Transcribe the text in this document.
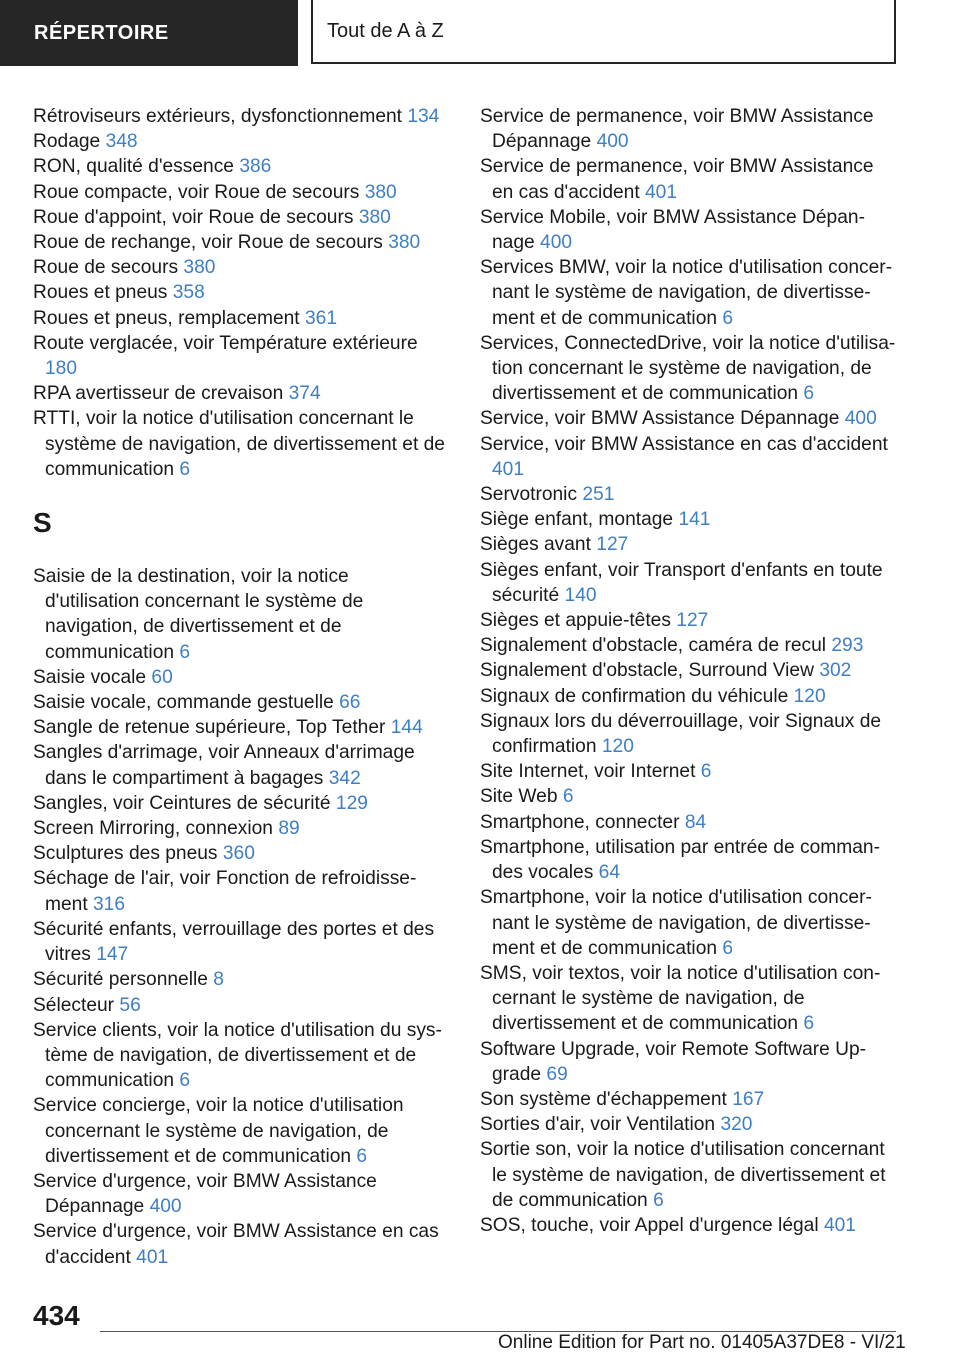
RÉPERTOIRE	Tout de A à Z
Rétroviseurs extérieurs, dysfonctionnement 134
Rodage 348
RON, qualité d'essence 386
Roue compacte, voir Roue de secours 380
Roue d'appoint, voir Roue de secours 380
Roue de rechange, voir Roue de secours 380
Roue de secours 380
Roues et pneus 358
Roues et pneus, remplacement 361
Route verglacée, voir Température extérieure 180
RPA avertisseur de crevaison 374
RTTI, voir la notice d'utilisation concernant le système de navigation, de divertissement et de communication 6
S
Saisie de la destination, voir la notice d'utilisation concernant le système de navigation, de divertissement et de communication 6
Saisie vocale 60
Saisie vocale, commande gestuelle 66
Sangle de retenue supérieure, Top Tether 144
Sangles d'arrimage, voir Anneaux d'arrimage dans le compartiment à bagages 342
Sangles, voir Ceintures de sécurité 129
Screen Mirroring, connexion 89
Sculptures des pneus 360
Séchage de l'air, voir Fonction de refroidissement 316
Sécurité enfants, verrouillage des portes et des vitres 147
Sécurité personnelle 8
Sélecteur 56
Service clients, voir la notice d'utilisation du système de navigation, de divertissement et de communication 6
Service concierge, voir la notice d'utilisation concernant le système de navigation, de divertissement et de communication 6
Service d'urgence, voir BMW Assistance Dépannage 400
Service d'urgence, voir BMW Assistance en cas d'accident 401
Service de permanence, voir BMW Assistance Dépannage 400
Service de permanence, voir BMW Assistance en cas d'accident 401
Service Mobile, voir BMW Assistance Dépannage 400
Services BMW, voir la notice d'utilisation concernant le système de navigation, de divertissement et de communication 6
Services, ConnectedDrive, voir la notice d'utilisation concernant le système de navigation, de divertissement et de communication 6
Service, voir BMW Assistance Dépannage 400
Service, voir BMW Assistance en cas d'accident 401
Servotronic 251
Siège enfant, montage 141
Sièges avant 127
Sièges enfant, voir Transport d'enfants en toute sécurité 140
Sièges et appuie-têtes 127
Signalement d'obstacle, caméra de recul 293
Signalement d'obstacle, Surround View 302
Signaux de confirmation du véhicule 120
Signaux lors du déverrouillage, voir Signaux de confirmation 120
Site Internet, voir Internet 6
Site Web 6
Smartphone, connecter 84
Smartphone, utilisation par entrée de commandes vocales 64
Smartphone, voir la notice d'utilisation concernant le système de navigation, de divertissement et de communication 6
SMS, voir textos, voir la notice d'utilisation concernant le système de navigation, de divertissement et de communication 6
Software Upgrade, voir Remote Software Upgrade 69
Son système d'échappement 167
Sorties d'air, voir Ventilation 320
Sortie son, voir la notice d'utilisation concernant le système de navigation, de divertissement et de communication 6
SOS, touche, voir Appel d'urgence légal 401
434
Online Edition for Part no. 01405A37DE8 - VI/21
